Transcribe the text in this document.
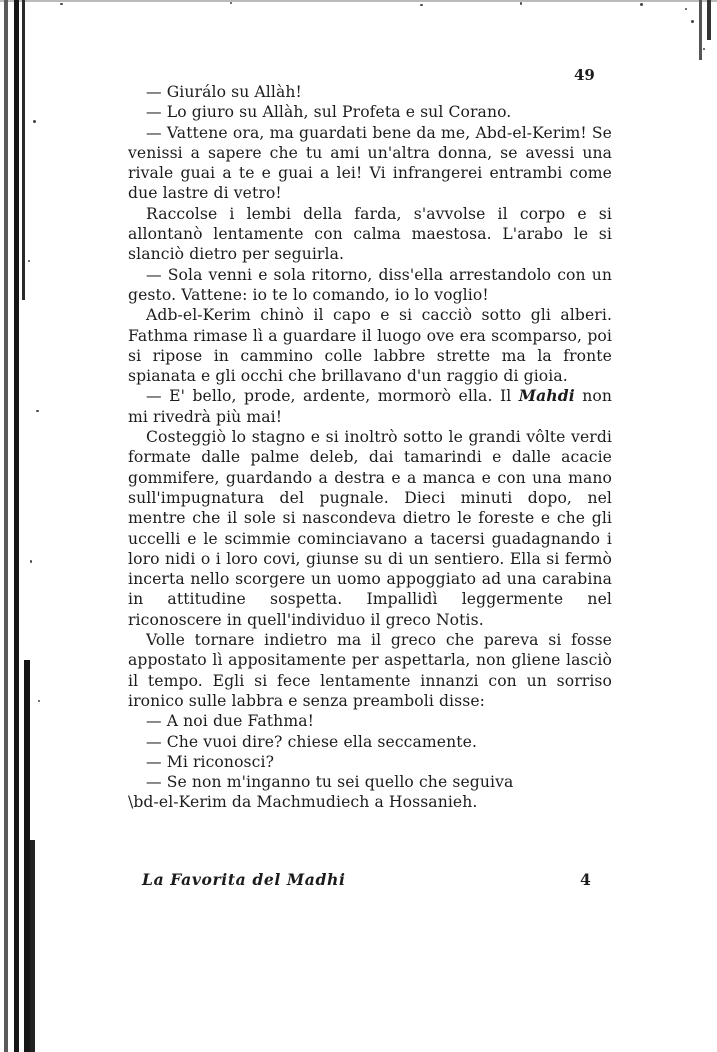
49

— Giurálo su Allàh!

— Lo giuro su Allàh, sul Profeta e sul Corano.

— Vattene ora, ma guardati bene da me, Abd-el-Kerim! Se venissi a sapere che tu ami un'altra donna, se avessi una rivale guai a te e guai a lei! Vi infrangerei entrambi come due lastre di vetro!

Raccolse i lembi della farda, s'avvolse il corpo e si allontanò lentamente con calma maestosa. L'arabo le si slanciò dietro per seguirla.

— Sola venni e sola ritorno, diss'ella arrestandolo con un gesto. Vattene: io te lo comando, io lo voglio!

Adb-el-Kerim chinò il capo e si cacciò sotto gli alberi. Fathma rimase lì a guardare il luogo ove era scomparso, poi si ripose in cammino colle labbre strette ma la fronte spianata e gli occhi che brillavano d'un raggio di gioia.

— E' bello, prode, ardente, mormorò ella. Il Mahdi non mi rivedrà più mai!

Costeggiò lo stagno e si inoltrò sotto le grandi vôlte verdi formate dalle palme deleb, dai tamarindi e dalle acacie gommifere, guardando a destra e a manca e con una mano sull'impugnatura del pugnale. Dieci minuti dopo, nel mentre che il sole si nascondeva dietro le foreste e che gli uccelli e le scimmie cominciavano a tacersi guadagnando i loro nidi o i loro covi, giunse su di un sentiero. Ella si fermò incerta nello scorgere un uomo appoggiato ad una carabina in attitudine sospetta. Impallidì leggermente nel riconoscere in quell'individuo il greco Notis.

Volle tornare indietro ma il greco che pareva si fosse appostato lì appositamente per aspettarla, non gliene lasciò il tempo. Egli si fece lentamente innanzi con un sorriso ironico sulle labbra e senza preamboli disse:

— A noi due Fathma!

— Che vuoi dire? chiese ella seccamente.

— Mi riconosci?

— Se non m'inganno tu sei quello che seguiva

\bd-el-Kerim da Machmudiech a Hossanieh.

La Favorita del Madhi	4
